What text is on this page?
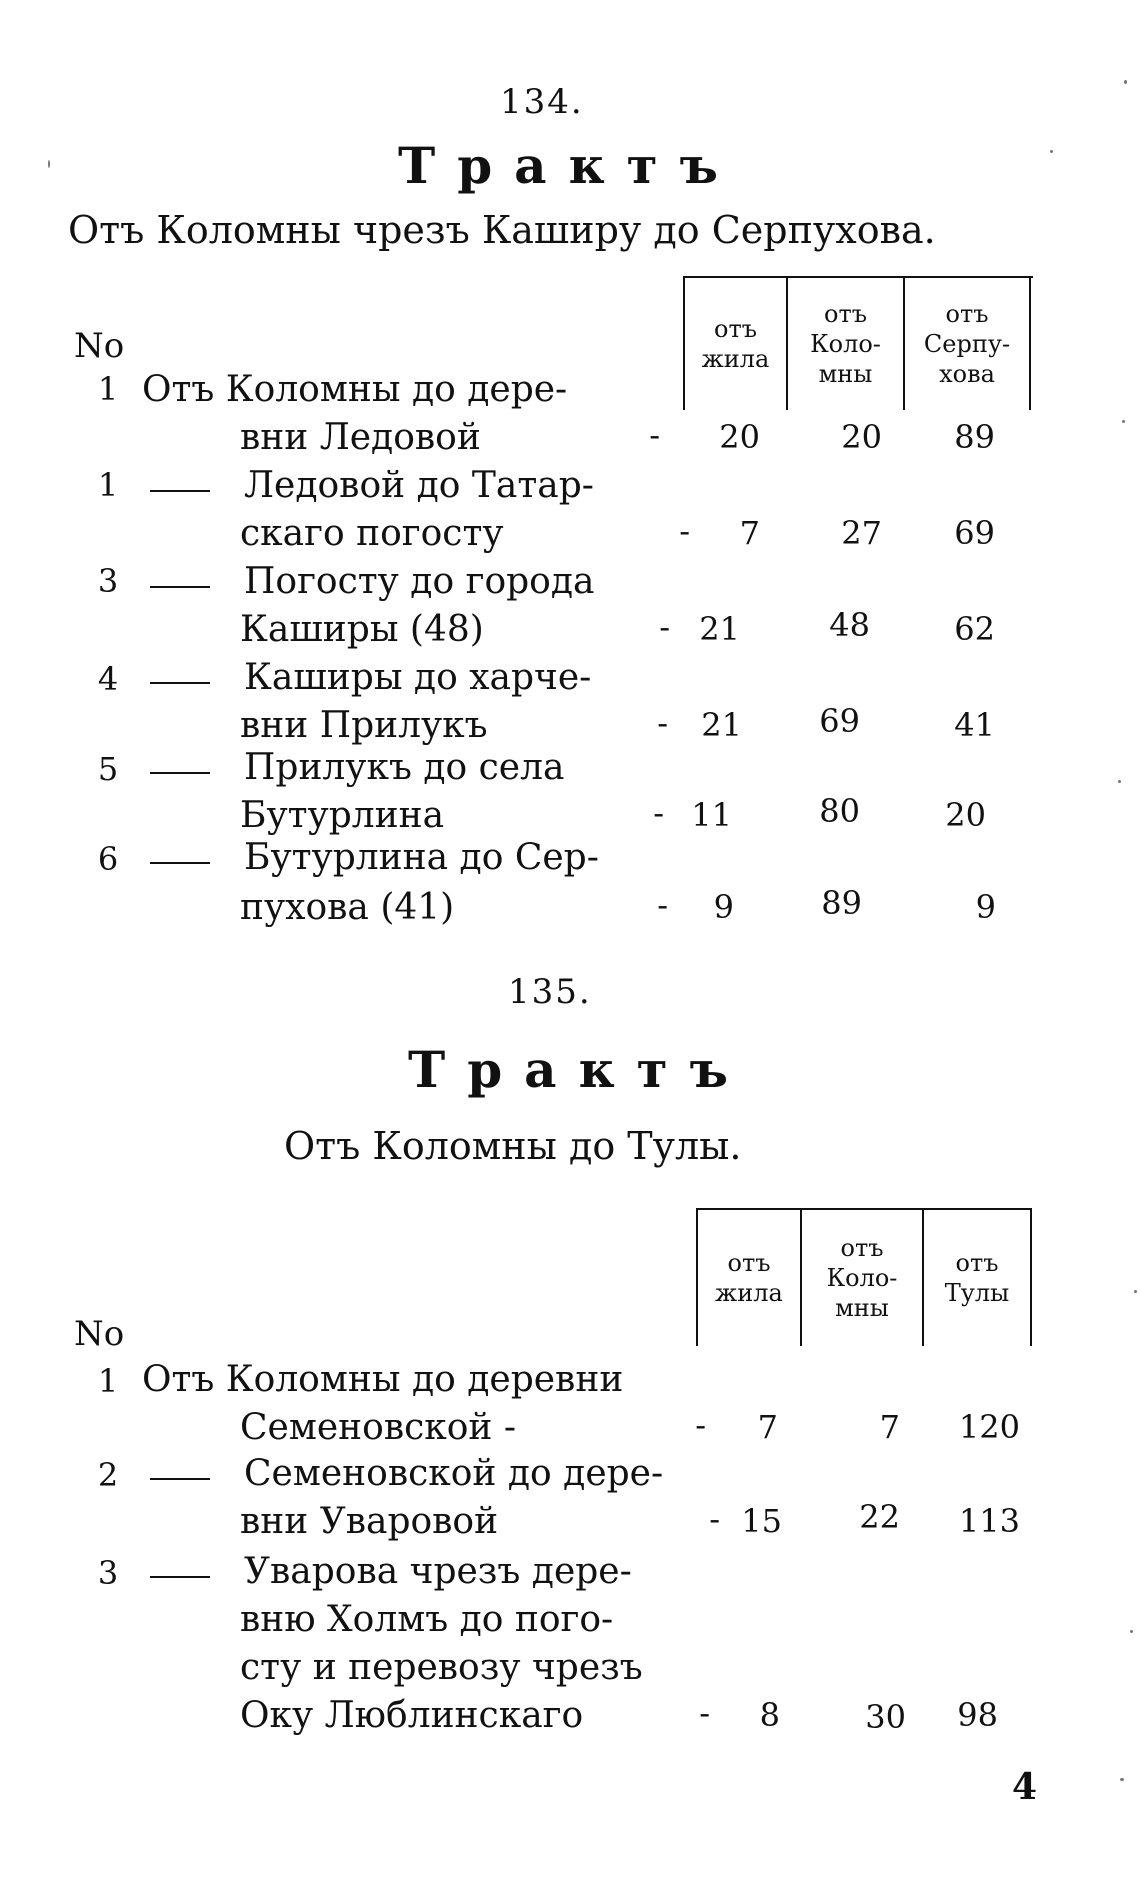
134.
Трактъ
Отъ Коломны чрезъ Каширу до Серпухова.
отъ
жила
отъ
Коло-
мны
отъ
Серпу-
хова
No
1 Отъ Коломны до дере-
вни Ледовой	-	20	20	89
1	Ледовой до Татар-
скаго погосту	-	7	27	69
3	Погосту до города
Каширы (48)	- 21	48	62
4	Каширы до харче-
вни Прилукъ	-	21	69	41
5	Прилукъ до села
Бутурлина	- 11	80	20
6	Бутурлина до Сер-
пухова (41)	-	9	89	9
135.
Трактъ
Отъ Коломны до Тулы.
отъ
жила
отъ
Коло-
мны
отъ
Тулы
No
1 Отъ Коломны до деревни
Семеновской -	-	7	7 120
2	Семеновской до дере-
вни Уваровой	- 15	22 113
3	Уварова чрезъ дере-
вню Холмъ до пого-
сту и перевозу чрезъ
Оку Люблинскаго	-	8	30	98
4
